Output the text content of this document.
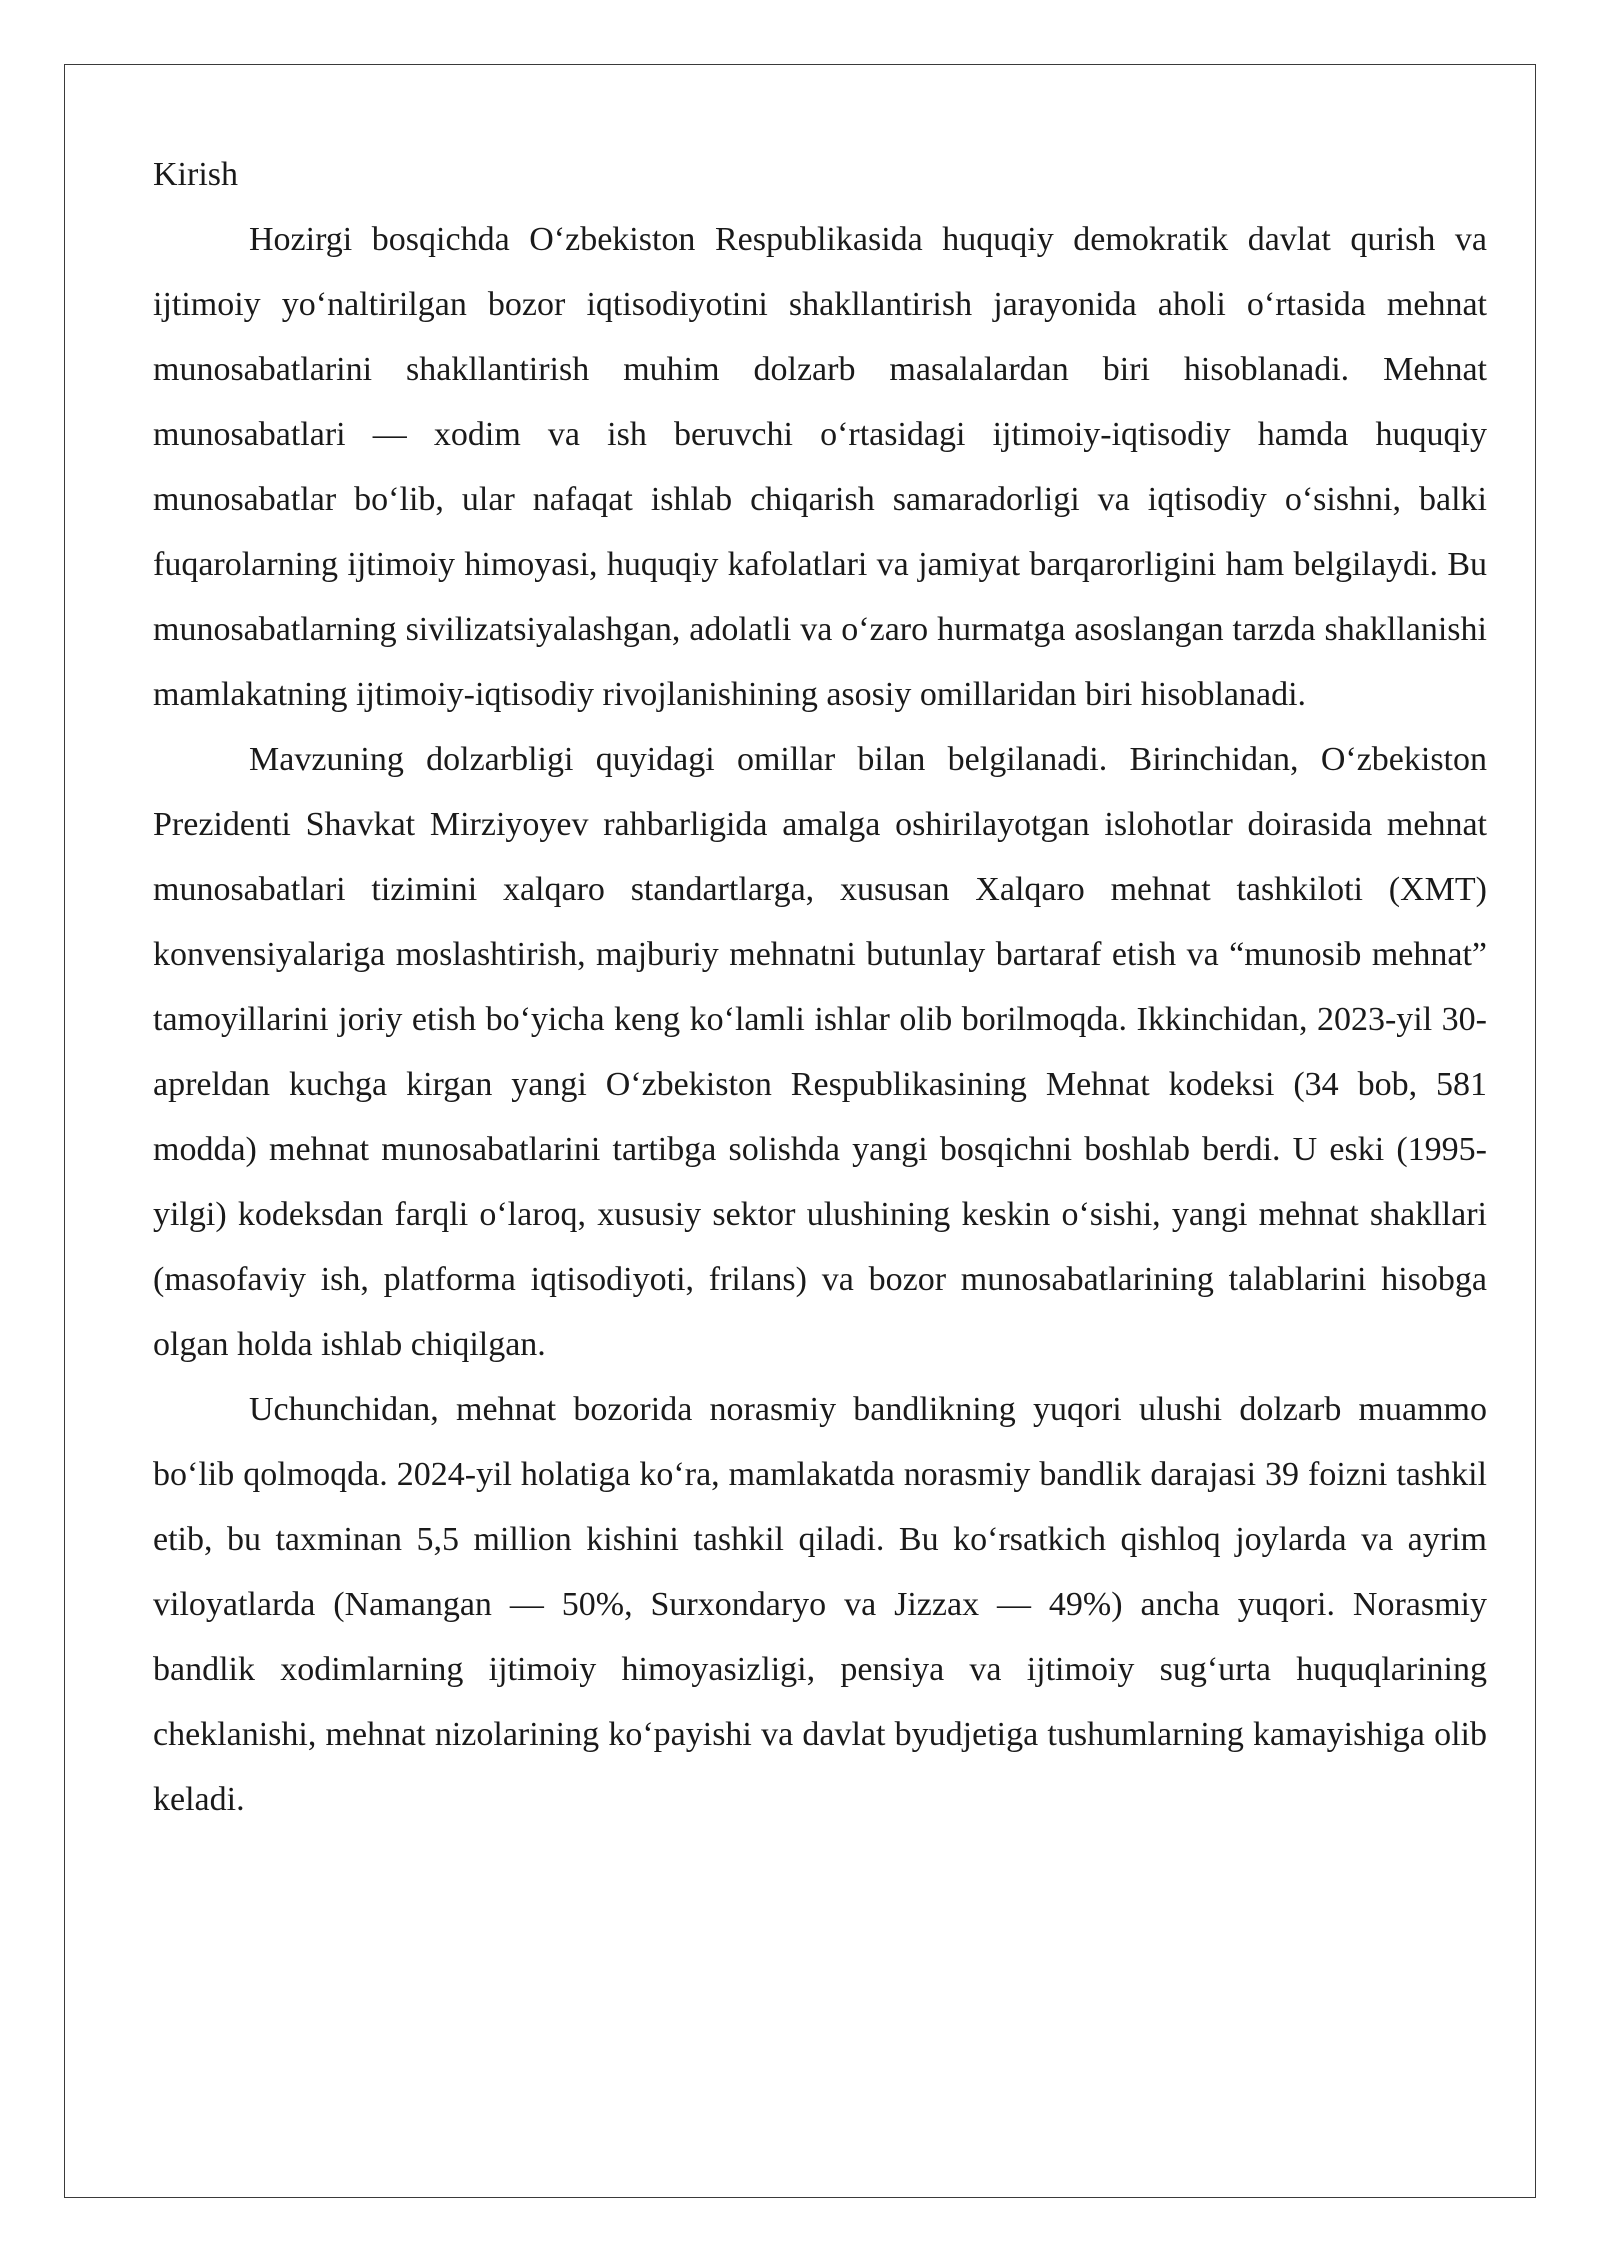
Kirish

Hozirgi bosqichda O‘zbekiston Respublikasida huquqiy demokratik davlat qurish va ijtimoiy yo‘naltirilgan bozor iqtisodiyotini shakllantirish jarayonida aholi o‘rtasida mehnat munosabatlarini shakllantirish muhim dolzarb masalalardan biri hisoblanadi. Mehnat munosabatlari — xodim va ish beruvchi o‘rtasidagi ijtimoiy-iqtisodiy hamda huquqiy munosabatlar bo‘lib, ular nafaqat ishlab chiqarish samaradorligi va iqtisodiy o‘sishni, balki fuqarolarning ijtimoiy himoyasi, huquqiy kafolatlari va jamiyat barqarorligini ham belgilaydi. Bu munosabatlarning sivilizatsiyalashgan, adolatli va o‘zaro hurmatga asoslangan tarzda shakllanishi mamlakatning ijtimoiy-iqtisodiy rivojlanishining asosiy omillaridan biri hisoblanadi.

Mavzuning dolzarbligi quyidagi omillar bilan belgilanadi. Birinchidan, O‘zbekiston Prezidenti Shavkat Mirziyoyev rahbarligida amalga oshirilayotgan islohotlar doirasida mehnat munosabatlari tizimini xalqaro standartlarga, xususan Xalqaro mehnat tashkiloti (XMT) konvensiyalariga moslashtirish, majburiy mehnatni butunlay bartaraf etish va “munosib mehnat” tamoyillarini joriy etish bo‘yicha keng ko‘lamli ishlar olib borilmoqda. Ikkinchidan, 2023-yil 30-apreldan kuchga kirgan yangi O‘zbekiston Respublikasining Mehnat kodeksi (34 bob, 581 modda) mehnat munosabatlarini tartibga solishda yangi bosqichni boshlab berdi. U eski (1995-yilgi) kodeksdan farqli o‘laroq, xususiy sektor ulushining keskin o‘sishi, yangi mehnat shakllari (masofaviy ish, platforma iqtisodiyoti, frilans) va bozor munosabatlarining talablarini hisobga olgan holda ishlab chiqilgan.

Uchunchidan, mehnat bozorida norasmiy bandlikning yuqori ulushi dolzarb muammo bo‘lib qolmoqda. 2024-yil holatiga ko‘ra, mamlakatda norasmiy bandlik darajasi 39 foizni tashkil etib, bu taxminan 5,5 million kishini tashkil qiladi. Bu ko‘rsatkich qishloq joylarda va ayrim viloyatlarda (Namangan — 50%, Surxondaryo va Jizzax — 49%) ancha yuqori. Norasmiy bandlik xodimlarning ijtimoiy himoyasizligi, pensiya va ijtimoiy sug‘urta huquqlarining cheklanishi, mehnat nizolarining ko‘payishi va davlat byudjetiga tushumlarning kamayishiga olib keladi.
